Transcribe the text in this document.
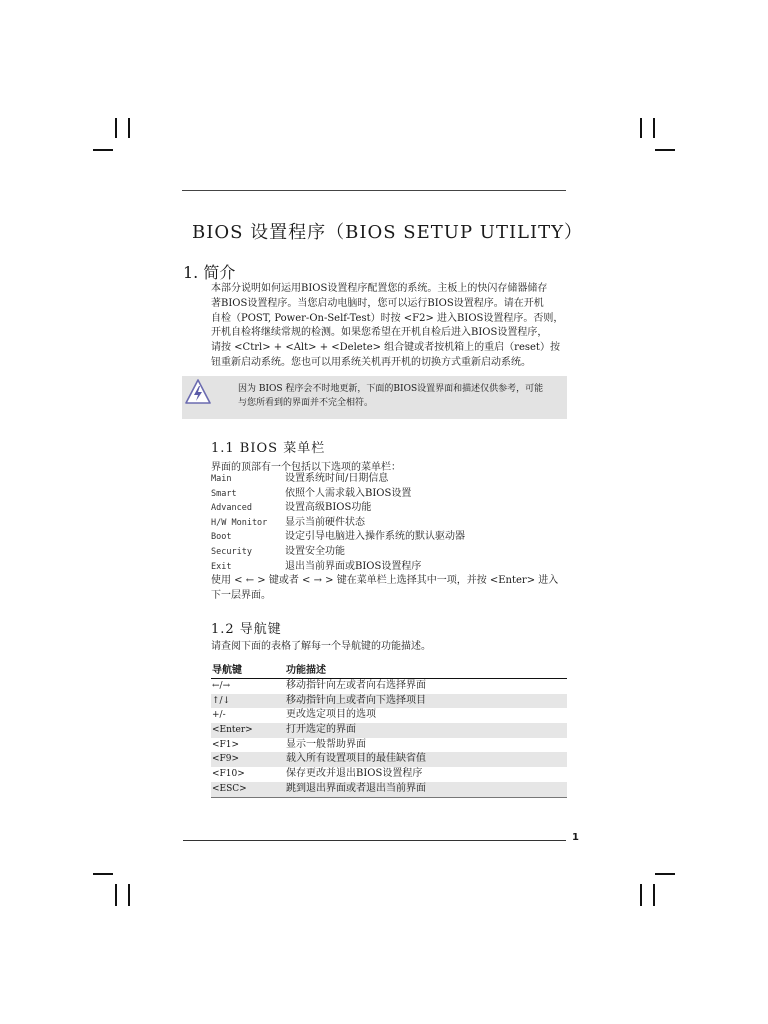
BIOS 设置程序（BIOS SETUP UTILITY）
1. 简介

本部分说明如何运用BIOS设置程序配置您的系统。主板上的快闪存储器储存

著BIOS设置程序。当您启动电脑时，您可以运行BIOS设置程序。请在开机

自检（POST, Power-On-Self-Test）时按 <F2> 进入BIOS设置程序。否则，

开机自检将继续常规的检测。如果您希望在开机自检后进入BIOS设置程序，

请按 <Ctrl> + <Alt> + <Delete> 组合键或者按机箱上的重启（reset）按

钮重新启动系统。您也可以用系统关机再开机的切换方式重新启动系统。

因为 BIOS 程序会不时地更新，下面的BIOS设置界面和描述仅供参考，可能
与您所看到的界面并不完全相符。
1.1 BIOS 菜单栏
界面的顶部有一个包括以下选项的菜单栏：
Main	设置系统时间/日期信息
Smart	依照个人需求载入BIOS设置
Advanced	设置高级BIOS功能
H/W Monitor 显示当前硬件状态
Boot	设定引导电脑进入操作系统的默认驱动器
Security	设置安全功能
Exit	退出当前界面或BIOS设置程序
使用 < ← > 键或者 < → > 键在菜单栏上选择其中一项，并按 <Enter> 进入
下一层界面。
1.2 导航键
请查阅下面的表格了解每一个导航键的功能描述。
导航键	功能描述
←/→	移动指针向左或者向右选择界面
↑/↓	移动指针向上或者向下选择项目
+/-	更改选定项目的选项
<Enter>	打开选定的界面
<F1>	显示一般帮助界面
<F9>	载入所有设置项目的最佳缺省值
<F10>	保存更改并退出BIOS设置程序
<ESC>	跳到退出界面或者退出当前界面
1
